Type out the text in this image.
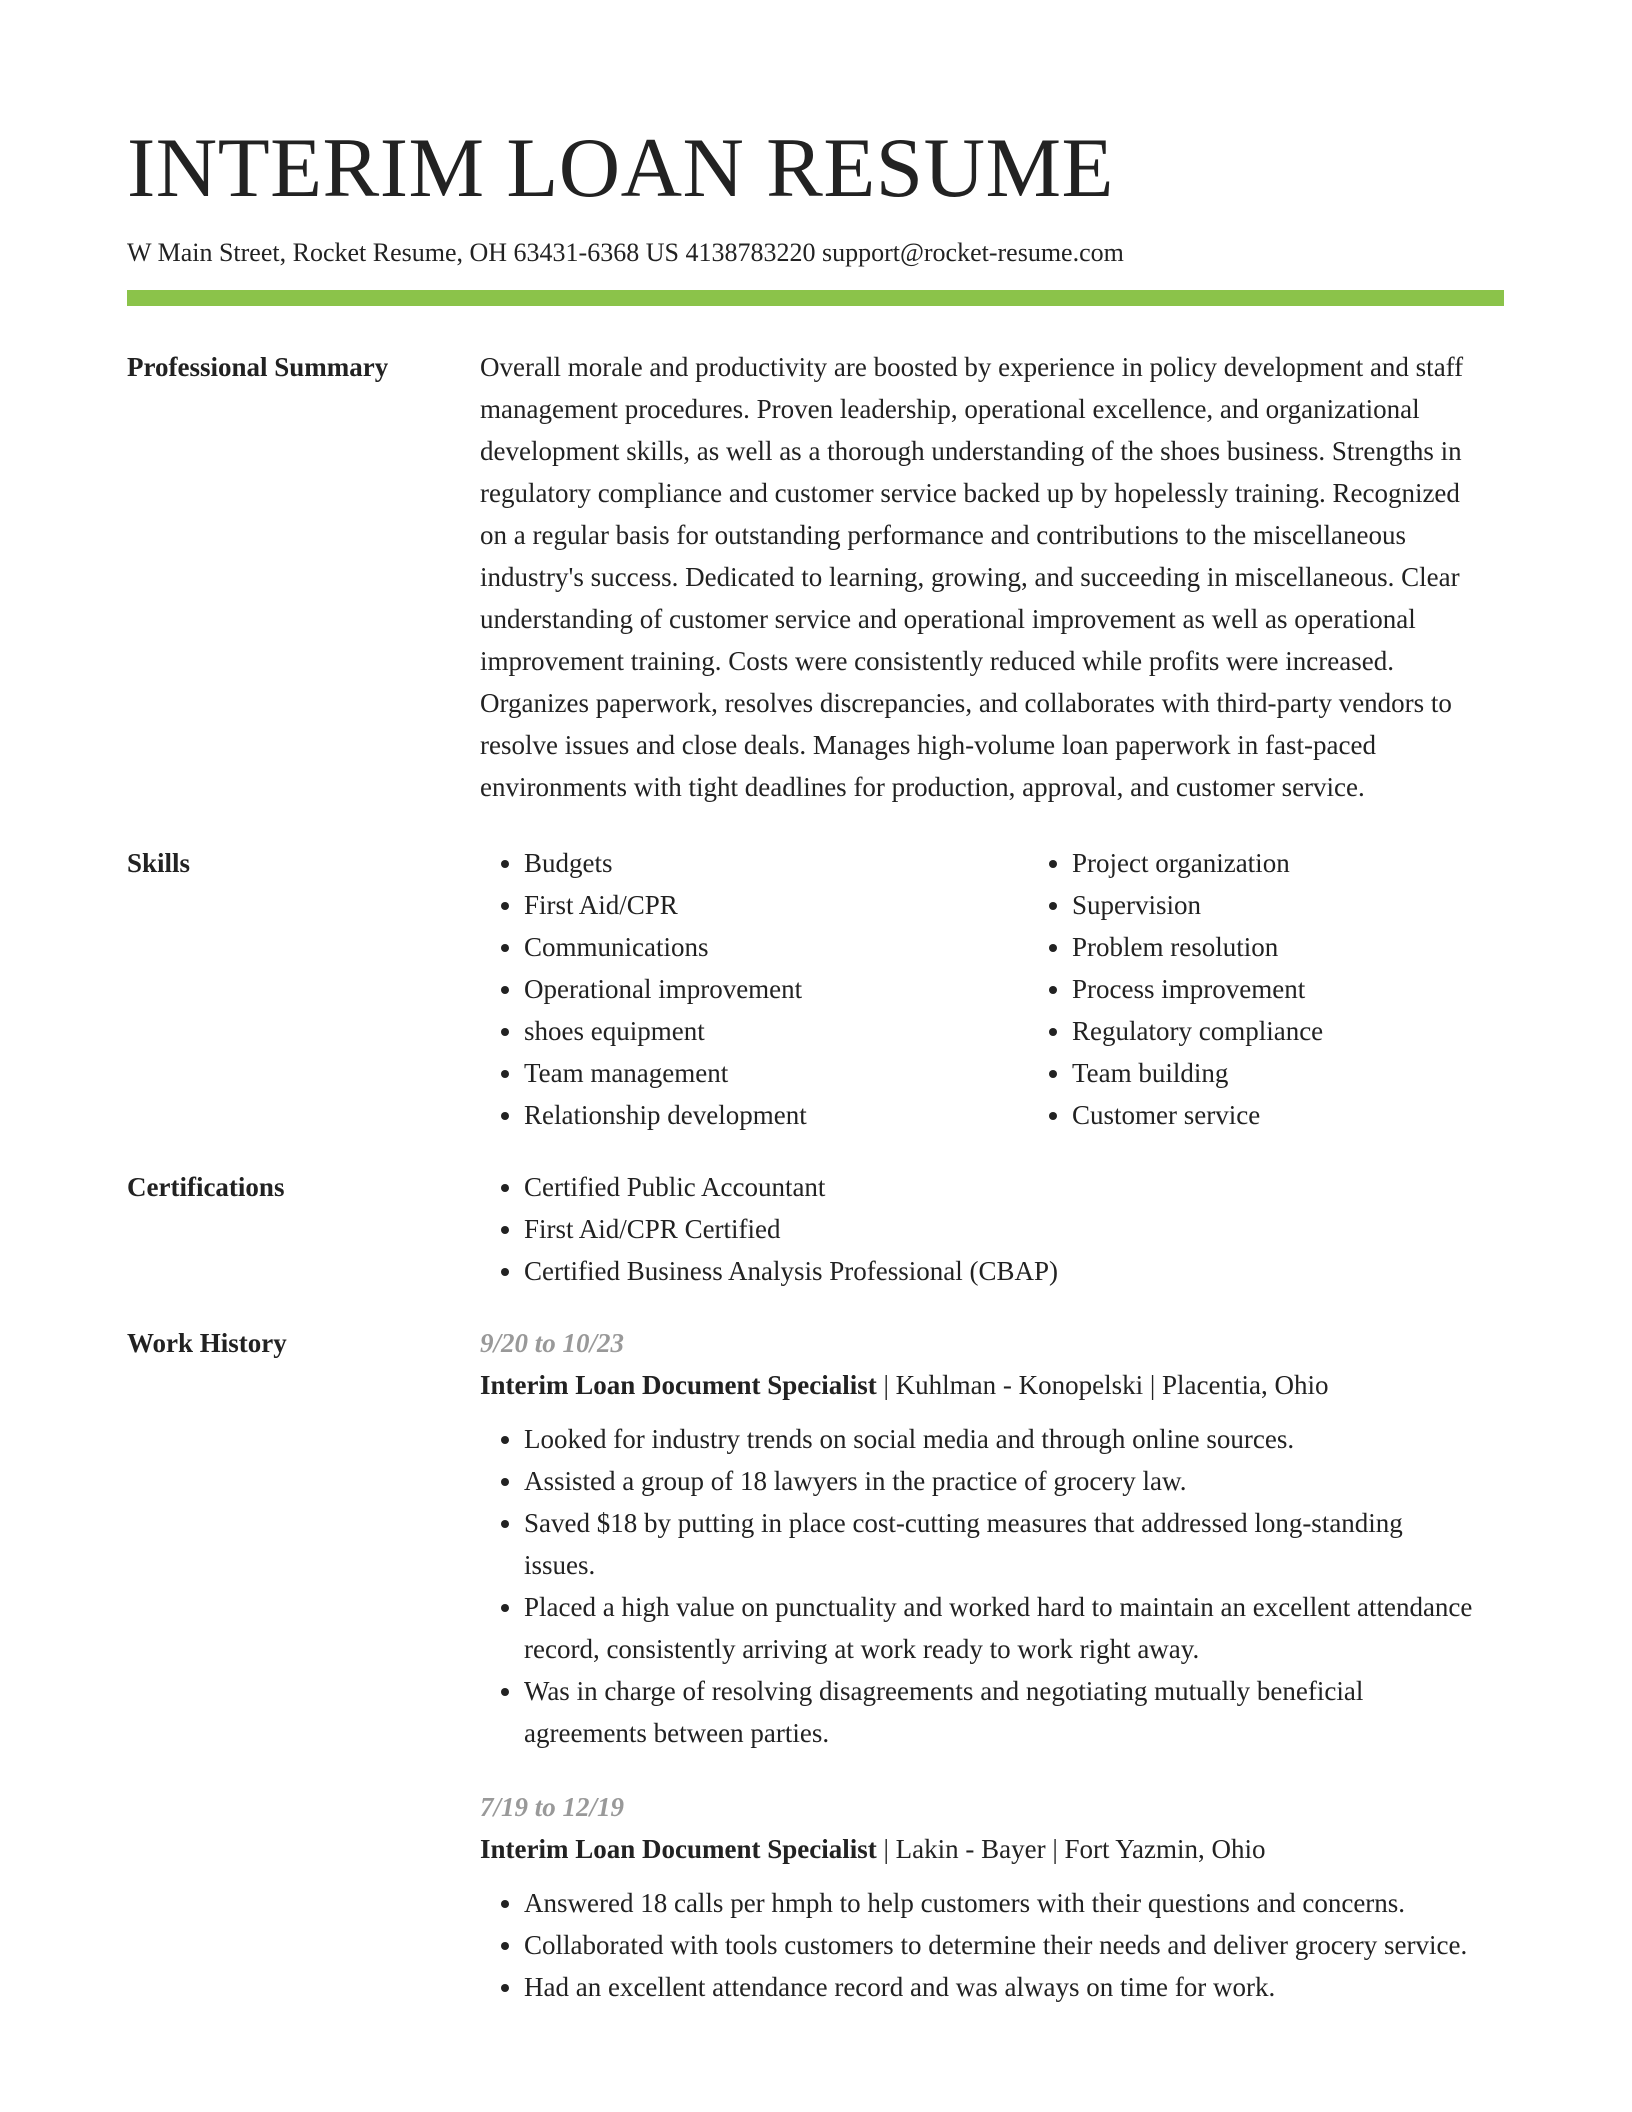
INTERIM LOAN RESUME
W Main Street, Rocket Resume, OH 63431-6368 US 4138783220 support@rocket-resume.com
Professional Summary	Overall morale and productivity are boosted by experience in policy development and staff management procedures. Proven leadership, operational excellence, and organizational development skills, as well as a thorough understanding of the shoes business. Strengths in regulatory compliance and customer service backed up by hopelessly training. Recognized on a regular basis for outstanding performance and contributions to the miscellaneous industry's success. Dedicated to learning, growing, and succeeding in miscellaneous. Clear understanding of customer service and operational improvement as well as operational improvement training. Costs were consistently reduced while profits were increased. Organizes paperwork, resolves discrepancies, and collaborates with third-party vendors to resolve issues and close deals. Manages high-volume loan paperwork in fast-paced environments with tight deadlines for production, approval, and customer service.

Skills	• Budgets
• First Aid/CPR
• Communications
• Operational improvement
• shoes equipment
• Team management
• Relationship development
• Project organization
• Supervision
• Problem resolution
• Process improvement
• Regulatory compliance
• Team building
• Customer service
Certifications	• Certified Public Accountant
• First Aid/CPR Certified
• Certified Business Analysis Professional (CBAP)
Work History	9/20 to 10/23
Interim Loan Document Specialist | Kuhlman - Konopelski | Placentia, Ohio
• Looked for industry trends on social media and through online sources.
• Assisted a group of 18 lawyers in the practice of grocery law.
• Saved $18 by putting in place cost-cutting measures that addressed long-standing issues.
• Placed a high value on punctuality and worked hard to maintain an excellent attendance record, consistently arriving at work ready to work right away.
• Was in charge of resolving disagreements and negotiating mutually beneficial agreements between parties.
7/19 to 12/19
Interim Loan Document Specialist | Lakin - Bayer | Fort Yazmin, Ohio
• Answered 18 calls per hmph to help customers with their questions and concerns.
• Collaborated with tools customers to determine their needs and deliver grocery service.
• Had an excellent attendance record and was always on time for work.
